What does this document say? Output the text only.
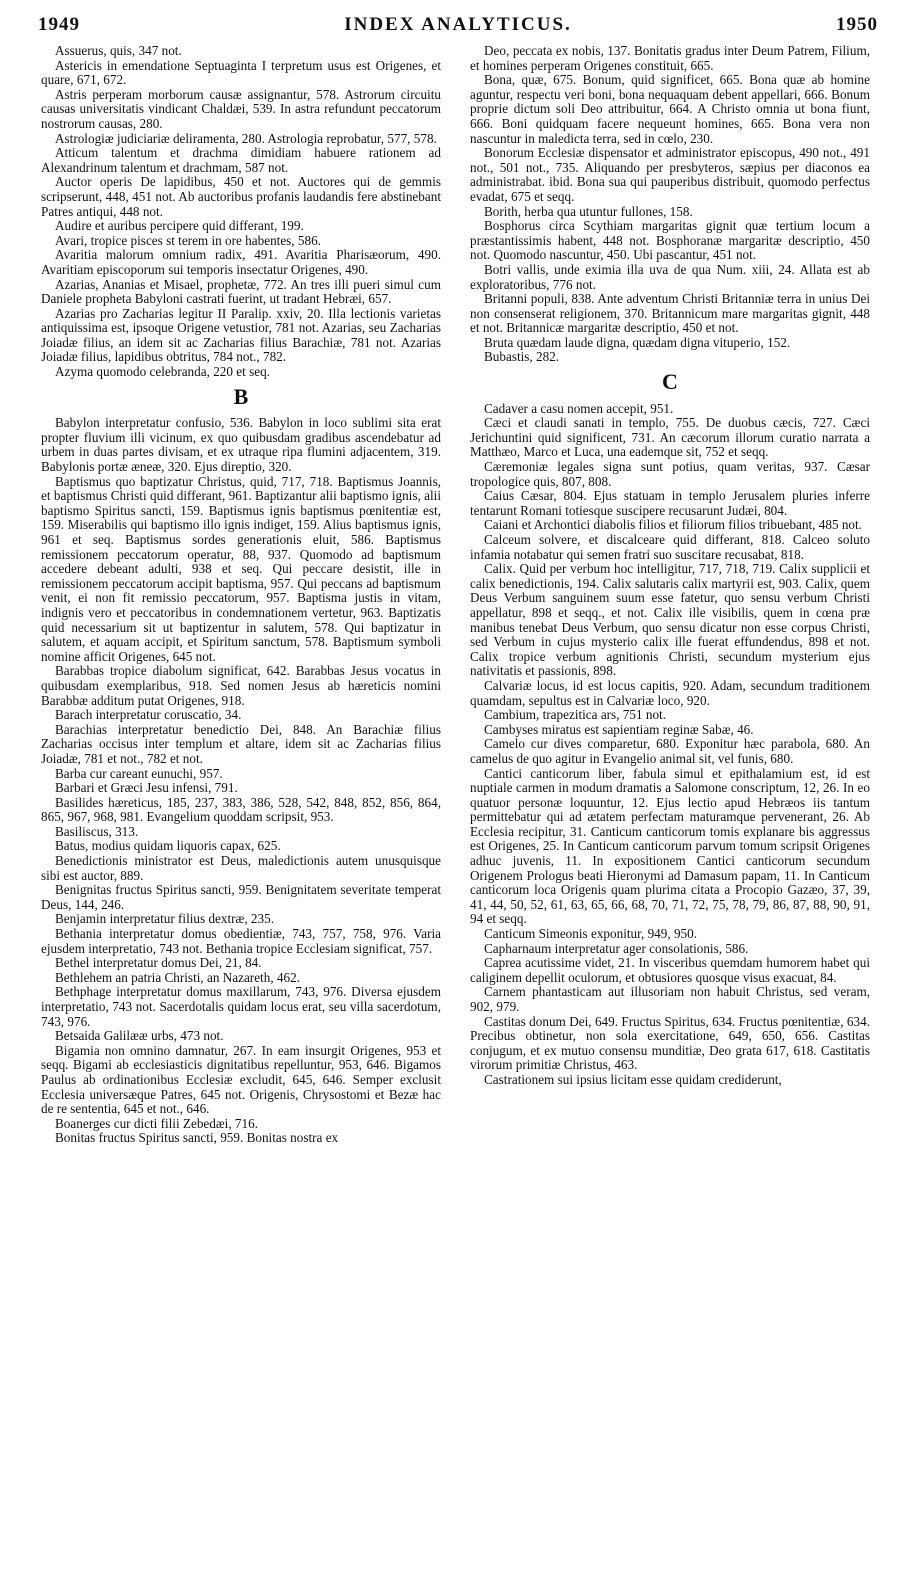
1949	INDEX ANALYTICUS.	1950

Assuerus, quis, 347 not.

Astericis in emendatione Septuaginta I terpretum usus est Origenes, et quare, 671, 672.

Astris perperam morborum causæ assignantur, 578. Astrorum circuitu causas universitatis vindicant Chaldæi, 539. In astra refundunt peccatorum nostrorum causas, 280.

Astrologiæ judiciariæ deliramenta, 280. Astrologia reprobatur, 577, 578.

Atticum talentum et drachma dimidiam habuere rationem ad Alexandrinum talentum et drachmam, 587 not.

Auctor operis De lapidibus, 450 et not. Auctores qui de gemmis scripserunt, 448, 451 not. Ab auctoribus profanis laudandis fere abstinebant Patres antiqui, 448 not.

Audire et auribus percipere quid differant, 199.

Avari, tropice pisces st terem in ore habentes, 586.

Avaritia malorum omnium radix, 491. Avaritia Pharisæorum, 490. Avaritiam episcoporum sui temporis insectatur Origenes, 490.

Azarias, Ananias et Misael, prophetæ, 772. An tres illi pueri simul cum Daniele propheta Babyloni castrati fuerint, ut tradant Hebræi, 657.

Azarias pro Zacharias legitur II Paralip. xxiv, 20. Illa lectionis varietas antiquissima est, ipsoque Origene vetustior, 781 not. Azarias, seu Zacharias Joiadæ filius, an idem sit ac Zacharias filius Barachiæ, 781 not. Azarias Joiadæ filius, lapidibus obtritus, 784 not., 782.

Azyma quomodo celebranda, 220 et seq.

B

Babylon interpretatur confusio, 536. Babylon in loco sublimi sita erat propter fluvium illi vicinum, ex quo quibusdam gradibus ascendebatur ad urbem in duas partes divisam, et ex utraque ripa flumini adjacentem, 319. Babylonis portæ æneæ, 320. Ejus direptio, 320.

Baptismus quo baptizatur Christus, quid, 717, 718. Baptismus Joannis, et baptismus Christi quid differant, 961. Baptizantur alii baptismo ignis, alii baptismo Spiritus sancti, 159. Baptismus ignis baptismus pœnitentiæ est, 159. Miserabilis qui baptismo illo ignis indiget, 159. Alius baptismus ignis, 961 et seq. Baptismus sordes generationis eluit, 586. Baptismus remissionem peccatorum operatur, 88, 937. Quomodo ad baptismum accedere debeant adulti, 938 et seq. Qui peccare desistit, ille in remissionem peccatorum accipit baptisma, 957. Qui peccans ad baptismum venit, ei non fit remissio peccatorum, 957. Baptisma justis in vitam, indignis vero et peccatoribus in condemnationem vertetur, 963. Baptizatis quid necessarium sit ut baptizentur in salutem, 578. Qui baptizatur in salutem, et aquam accipit, et Spiritum sanctum, 578. Baptismum symboli nomine afficit Origenes, 645 not.

Barabbas tropice diabolum significat, 642. Barabbas Jesus vocatus in quibusdam exemplaribus, 918. Sed nomen Jesus ab hæreticis nomini Barabbæ additum putat Origenes, 918.

Barach interpretatur coruscatio, 34.

Barachias interpretatur benedictio Dei, 848. An Barachiæ filius Zacharias occisus inter templum et altare, idem sit ac Zacharias filius Joiadæ, 781 et not., 782 et not.

Barba cur careant eunuchi, 957.

Barbari et Græci Jesu infensi, 791.

Basilides hæreticus, 185, 237, 383, 386, 528, 542, 848, 852, 856, 864, 865, 967, 968, 981. Evangelium quoddam scripsit, 953.

Basiliscus, 313.

Batus, modius quidam liquoris capax, 625.

Benedictionis ministrator est Deus, maledictionis autem unusquisque sibi est auctor, 889.

Benignitas fructus Spiritus sancti, 959. Benignitatem severitate temperat Deus, 144, 246.

Benjamin interpretatur filius dextræ, 235.

Bethania interpretatur domus obedientiæ, 743, 757, 758, 976. Varia ejusdem interpretatio, 743 not. Bethania tropice Ecclesiam significat, 757.

Bethel interpretatur domus Dei, 21, 84.

Bethlehem an patria Christi, an Nazareth, 462.

Bethphage interpretatur domus maxillarum, 743, 976. Diversa ejusdem interpretatio, 743 not. Sacerdotalis quidam locus erat, seu villa sacerdotum, 743, 976.

Betsaida Galilææ urbs, 473 not.

Bigamia non omnino damnatur, 267. In eam insurgit Origenes, 953 et seqq. Bigami ab ecclesiasticis dignitatibus repelluntur, 953, 646. Bigamos Paulus ab ordinationibus Ecclesiæ excludit, 645, 646. Semper exclusit Ecclesia universæque Patres, 645 not. Origenis, Chrysostomi et Bezæ hac de re sententia, 645 et not., 646.

Boanerges cur dicti filii Zebedæi, 716.

Bonitas fructus Spiritus sancti, 959. Bonitas nostra ex

Deo, peccata ex nobis, 137. Bonitatis gradus inter Deum Patrem, Filium, et homines perperam Origenes constituit, 665.

Bona, quæ, 675. Bonum, quid significet, 665. Bona quæ ab homine aguntur, respectu veri boni, bona nequaquam debent appellari, 666. Bonum proprie dictum soli Deo attribuitur, 664. A Christo omnia ut bona fiunt, 666. Boni quidquam facere nequeunt homines, 665. Bona vera non nascuntur in maledicta terra, sed in cœlo, 230.

Bonorum Ecclesiæ dispensator et administrator episcopus, 490 not., 491 not., 501 not., 735. Aliquando per presbyteros, sæpius per diaconos ea administrabat. ibid. Bona sua qui pauperibus distribuit, quomodo perfectus evadat, 675 et seqq.

Borith, herba qua utuntur fullones, 158.

Bosphorus circa Scythiam margaritas gignit quæ tertium locum a præstantissimis habent, 448 not. Bosphoranæ margaritæ descriptio, 450 not. Quomodo nascuntur, 450. Ubi pascantur, 451 not.

Botri vallis, unde eximia illa uva de qua Num. xiii, 24. Allata est ab exploratoribus, 776 not.

Britanni populi, 838. Ante adventum Christi Britanniæ terra in unius Dei non consenserat religionem, 370. Britannicum mare margaritas gignit, 448 et not. Britannicæ margaritæ descriptio, 450 et not.

Bruta quædam laude digna, quædam digna vituperio, 152.

Bubastis, 282.

C

Cadaver a casu nomen accepit, 951.

Cæci et claudi sanati in templo, 755. De duobus cæcis, 727. Cæci Jerichuntini quid significent, 731. An cæcorum illorum curatio narrata a Matthæo, Marco et Luca, una eademque sit, 752 et seqq.

Cæremoniæ legales signa sunt potius, quam veritas, 937. Cæsar tropologice quis, 807, 808.

Caius Cæsar, 804. Ejus statuam in templo Jerusalem pluries inferre tentarunt Romani totiesque suscipere recusarunt Judæi, 804.

Caiani et Archontici diabolis filios et filiorum filios tribuebant, 485 not.

Calceum solvere, et discalceare quid differant, 818. Calceo soluto infamia notabatur qui semen fratri suo suscitare recusabat, 818.

Calix. Quid per verbum hoc intelligitur, 717, 718, 719. Calix supplicii et calix benedictionis, 194. Calix salutaris calix martyrii est, 903. Calix, quem Deus Verbum sanguinem suum esse fatetur, quo sensu verbum Christi appellatur, 898 et seqq., et not. Calix ille visibilis, quem in cœna præ manibus tenebat Deus Verbum, quo sensu dicatur non esse corpus Christi, sed Verbum in cujus mysterio calix ille fuerat effundendus, 898 et not. Calix tropice verbum agnitionis Christi, secundum mysterium ejus nativitatis et passionis, 898.

Calvariæ locus, id est locus capitis, 920. Adam, secundum traditionem quamdam, sepultus est in Calvariæ loco, 920.

Cambium, trapezitica ars, 751 not.

Cambyses miratus est sapientiam reginæ Sabæ, 46.

Camelo cur dives comparetur, 680. Exponitur hæc parabola, 680. An camelus de quo agitur in Evangelio animal sit, vel funis, 680.

Cantici canticorum liber, fabula simul et epithalamium est, id est nuptiale carmen in modum dramatis a Salomone conscriptum, 12, 26. In eo quatuor personæ loquuntur, 12. Ejus lectio apud Hebræos iis tantum permittebatur qui ad ætatem perfectam maturamque pervenerant, 26. Ab Ecclesia recipitur, 31. Canticum canticorum tomis explanare bis aggressus est Origenes, 25. In Canticum canticorum parvum tomum scripsit Origenes adhuc juvenis, 11. In expositionem Cantici canticorum secundum Origenem Prologus beati Hieronymi ad Damasum papam, 11. In Canticum canticorum loca Origenis quam plurima citata a Procopio Gazæo, 37, 39, 41, 44, 50, 52, 61, 63, 65, 66, 68, 70, 71, 72, 75, 78, 79, 86, 87, 88, 90, 91, 94 et seqq.

Canticum Simeonis exponitur, 949, 950.

Capharnaum interpretatur ager consolationis, 586.

Caprea acutissime videt, 21. In visceribus quemdam humorem habet qui caliginem depellit oculorum, et obtusiores quosque visus exacuat, 84.

Carnem phantasticam aut illusoriam non habuit Christus, sed veram, 902, 979.

Castitas donum Dei, 649. Fructus Spiritus, 634. Fructus pœnitentiæ, 634. Precibus obtinetur, non sola exercitatione, 649, 650, 656. Castitas conjugum, et ex mutuo consensu munditiæ, Deo grata 617, 618. Castitatis virorum primitiæ Christus, 463.

Castrationem sui ipsius licitam esse quidam crediderunt,
